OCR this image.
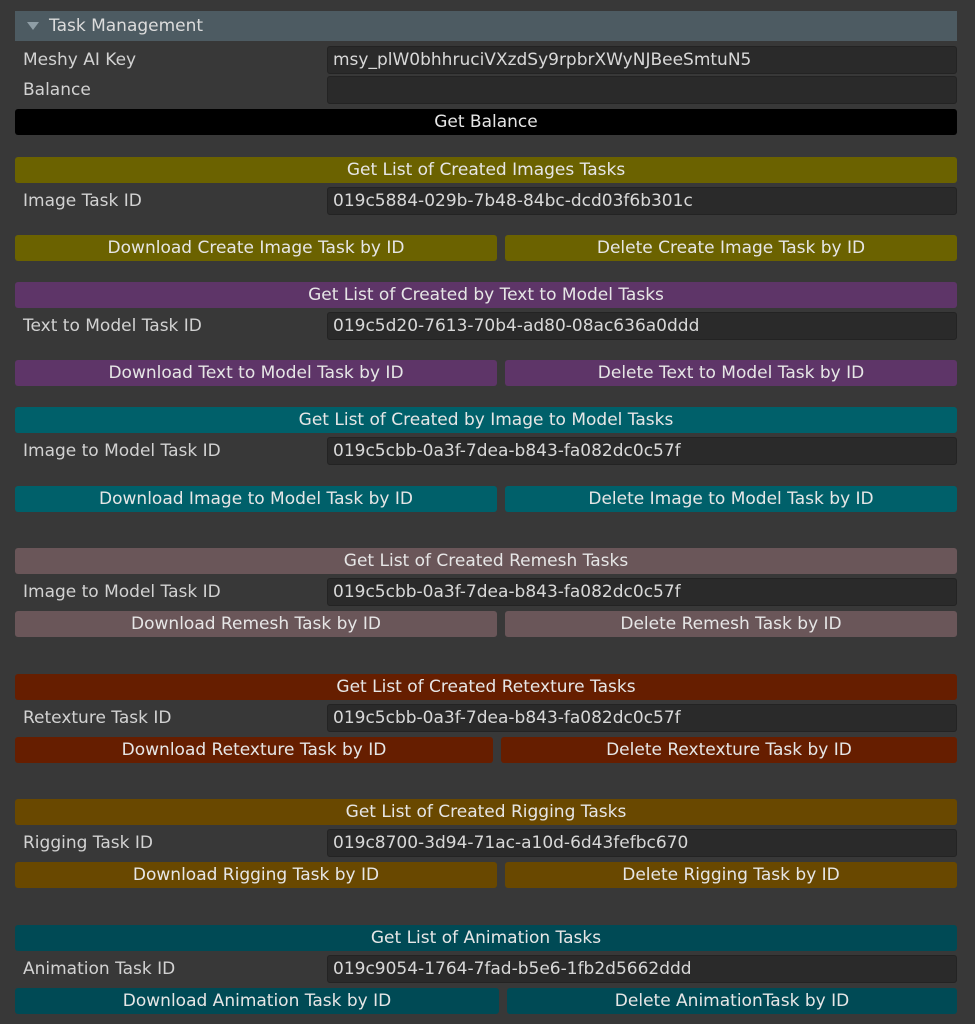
Task Management
Meshy AI Key	msy_plW0bhhruciVXzdSy9rpbrXWyNJBeeSmtuN5
Balance
Get Balance
Get List of Created Images Tasks
Image Task ID	019c5884-029b-7b48-84bc-dcd03f6b301c
Download Create Image Task by ID	Delete Create Image Task by ID
Get List of Created by Text to Model Tasks
Text to Model Task ID	019c5d20-7613-70b4-ad80-08ac636a0ddd
Download Text to Model Task by ID	Delete Text to Model Task by ID
Get List of Created by Image to Model Tasks
Image to Model Task ID	019c5cbb-0a3f-7dea-b843-fa082dc0c57f
Download Image to Model Task by ID	Delete Image to Model Task by ID
Get List of Created Remesh Tasks
Image to Model Task ID	019c5cbb-0a3f-7dea-b843-fa082dc0c57f
Download Remesh Task by ID	Delete Remesh Task by ID
Get List of Created Retexture Tasks
Retexture Task ID	019c5cbb-0a3f-7dea-b843-fa082dc0c57f
Download Retexture Task by ID	Delete Rextexture Task by ID
Get List of Created Rigging Tasks
Rigging Task ID	019c8700-3d94-71ac-a10d-6d43fefbc670
Download Rigging Task by ID	Delete Rigging Task by ID
Get List of Animation Tasks
Animation Task ID	019c9054-1764-7fad-b5e6-1fb2d5662ddd
Download Animation Task by ID	Delete AnimationTask by ID
